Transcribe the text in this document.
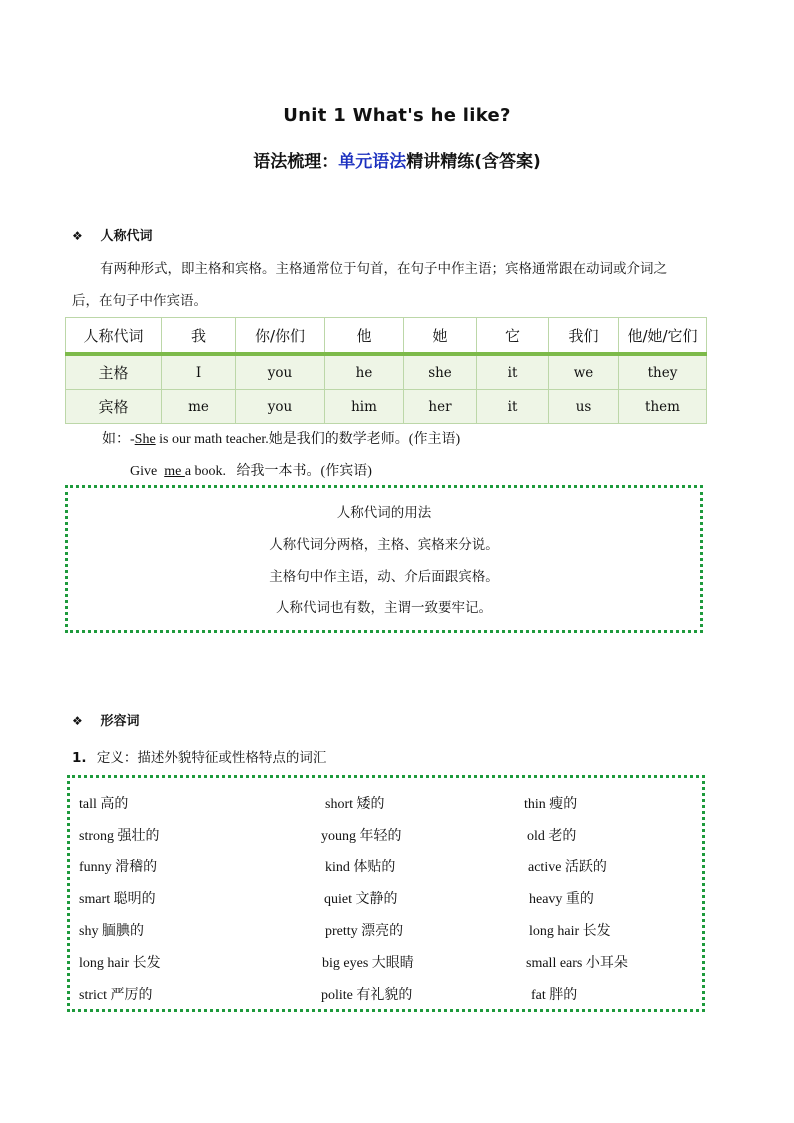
Unit 1 What's he like?
语法梳理：单元语法精讲精练(含答案)
❖ 人称代词
有两种形式，即主格和宾格。主格通常位于句首，在句子中作主语；宾格通常跟在动词或介词之
后，在句子中作宾语。
人称代词	我	你/你们	他	她	它	我们	他/她/它们
主格	I	you	he	she	it	we	they
宾格	me	you	him	her	it	us	them
如：-She is our math teacher.她是我们的数学老师。(作主语)
Give  me a book.   给我一本书。(作宾语)
人称代词的用法
人称代词分两格，主格、宾格来分说。
主格句中作主语，动、介后面跟宾格。
人称代词也有数，主谓一致要牢记。
❖ 形容词
1. 定义：描述外貌特征或性格特点的词汇
tall 高的	short 矮的	thin 瘦的
strong 强壮的	young 年轻的	old 老的
funny 滑稽的	kind 体贴的	active 活跃的
smart 聪明的	quiet 文静的	heavy 重的
shy 腼腆的	pretty 漂亮的	long hair 长发
long hair 长发	big eyes 大眼睛	small ears 小耳朵
strict 严厉的	polite 有礼貌的	fat 胖的
